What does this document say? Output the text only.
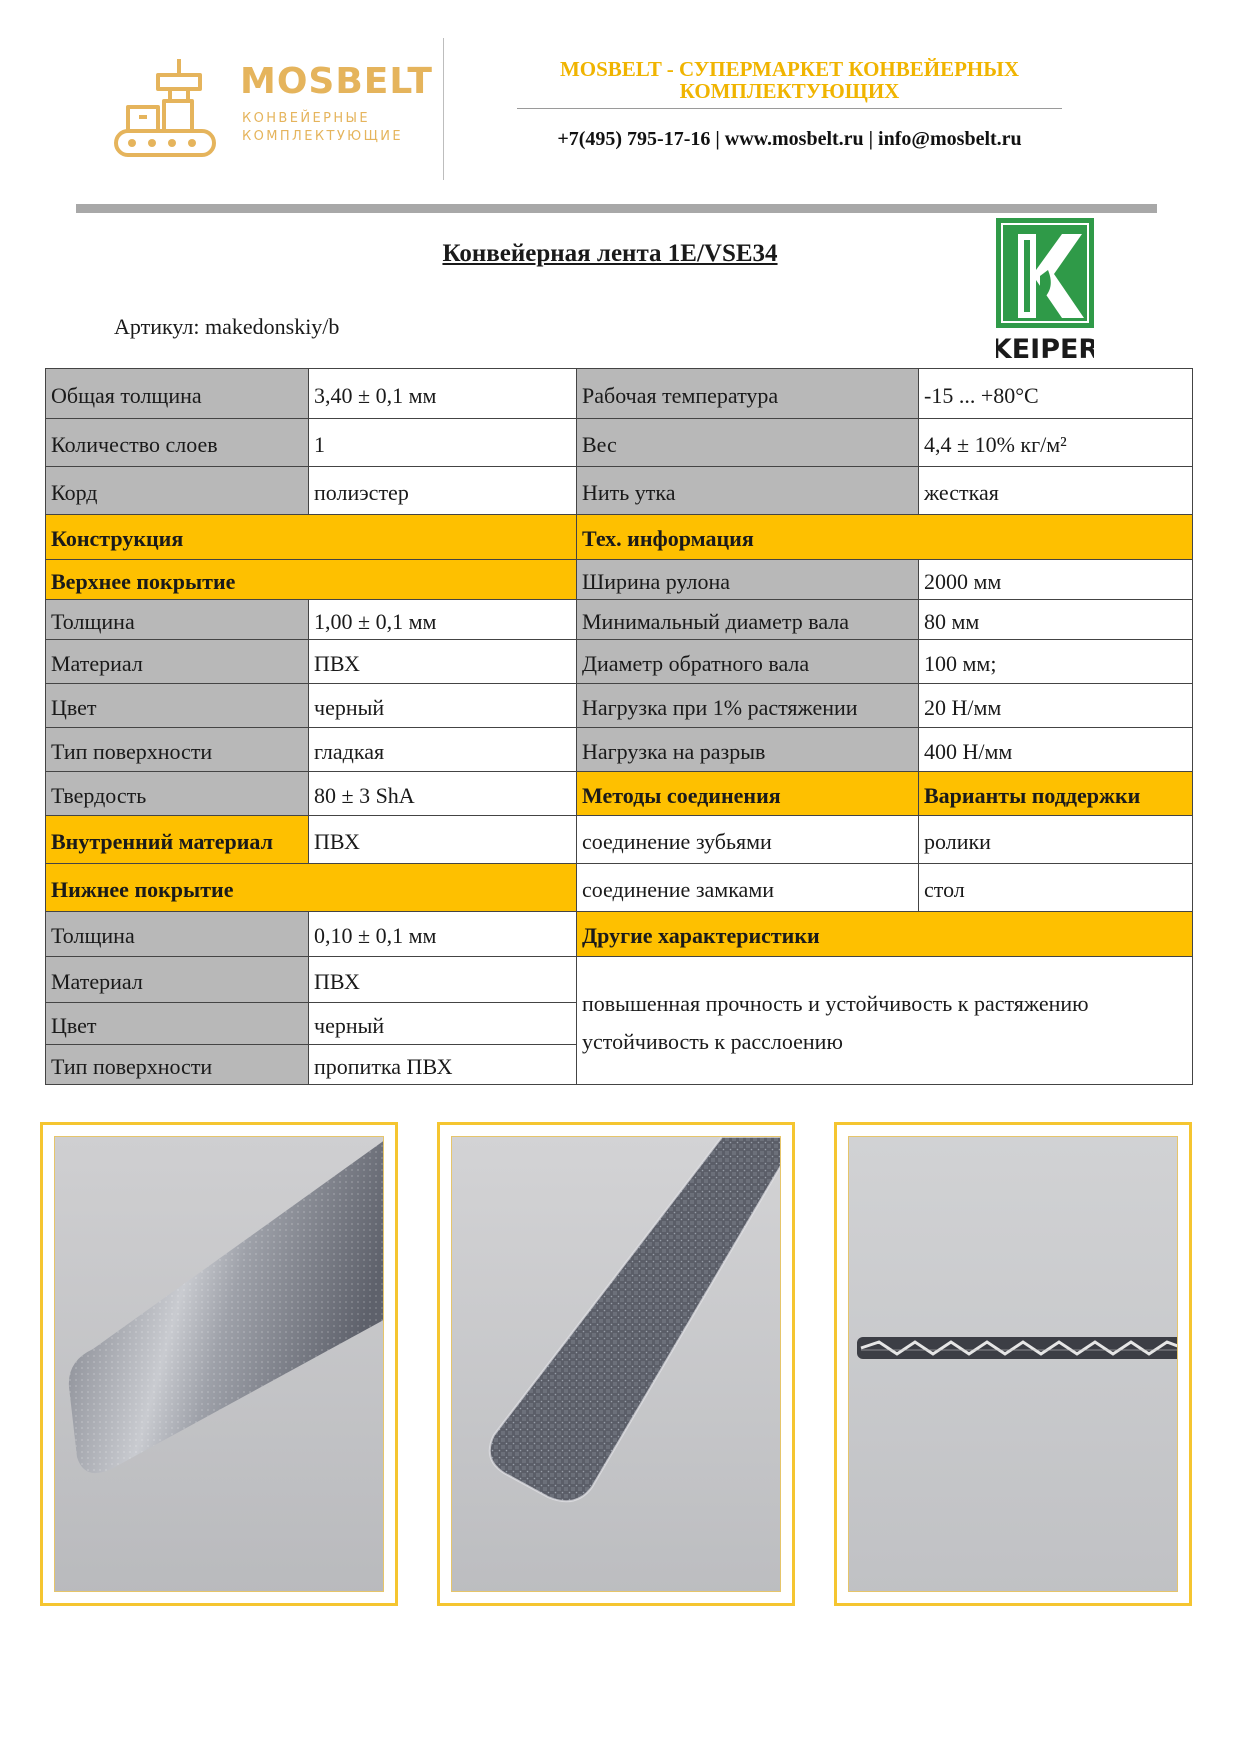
MOSBELT
КОНВЕЙЕРНЫЕ
КОМПЛЕКТУЮЩИЕ
MOSBELT - СУПЕРМАРКЕТ КОНВЕЙЕРНЫХ КОМПЛЕКТУЮЩИХ
+7(495) 795-17-16 | www.mosbelt.ru | info@mosbelt.ru
Конвейерная лента 1E/VSE34
Артикул: makedonskiy/b
KEIPER
Общая толщина	3,40 ± 0,1 мм	Рабочая температура	-15 ... +80°С
Количество слоев	1	Вес	4,4 ± 10% кг/м²
Корд	полиэстер	Нить утка	жесткая
Конструкция		Тех. информация	
Верхнее покрытие		Ширина рулона	2000 мм
Толщина	1,00 ± 0,1 мм	Минимальный диаметр вала	80 мм
Материал	ПВХ	Диаметр обратного вала	100 мм;
Цвет	черный	Нагрузка при 1% растяжении	20 Н/мм
Тип поверхности	гладкая	Нагрузка на разрыв	400 Н/мм
Твердость	80 ± 3 ShA	Методы соединения	Варианты поддержки
Внутренний материал	ПВХ	соединение зубьями	ролики
Нижнее покрытие		соединение замками	стол
Толщина	0,10 ± 0,1 мм	Другие характеристики	
Материал	ПВХ	повышенная прочность и устойчивость к растяжению
устойчивость к расслоению	

Цвет	черный		
Тип поверхности	пропитка ПВХ		
